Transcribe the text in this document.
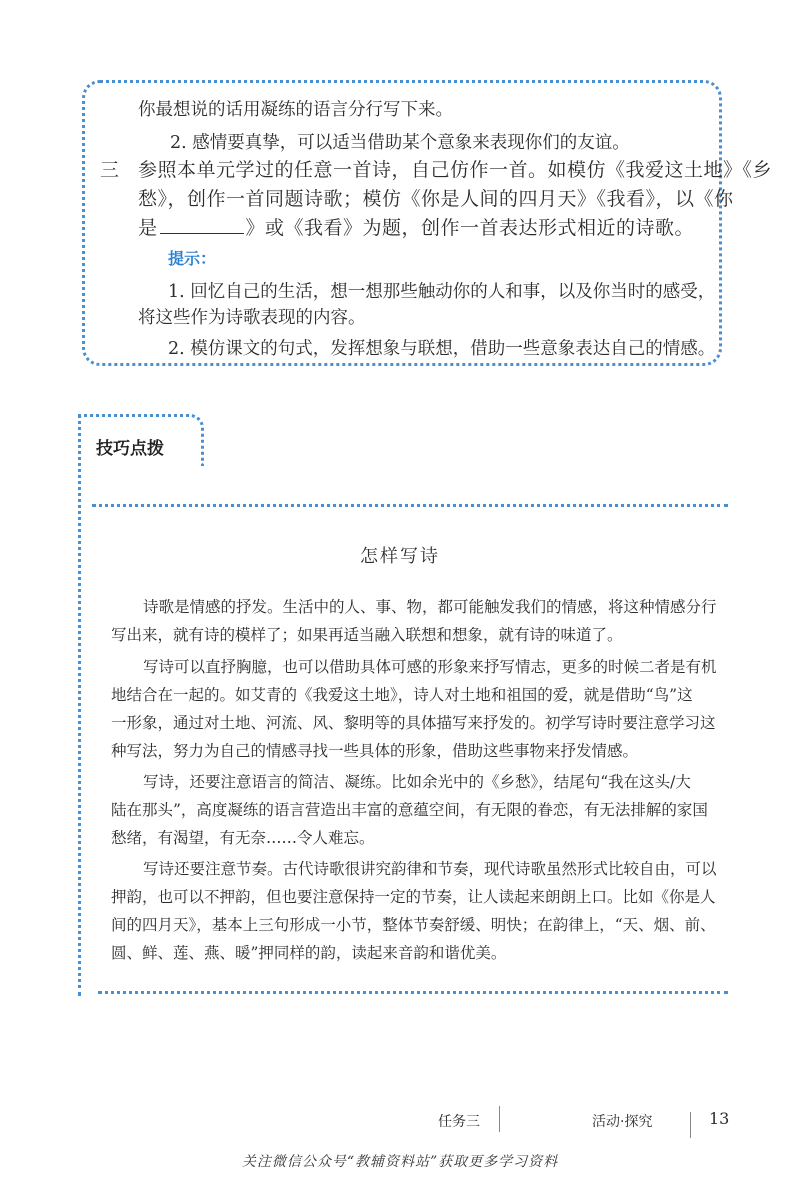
你最想说的话用凝练的语言分行写下来。
2. 感情要真挚，可以适当借助某个意象来表现你们的友谊。
三 参照本单元学过的任意一首诗，自己仿作一首。如模仿《我爱这土地》《乡
愁》，创作一首同题诗歌；模仿《你是人间的四月天》《我看》，以《你
是	》或《我看》为题，创作一首表达形式相近的诗歌。
提示：
1. 回忆自己的生活，想一想那些触动你的人和事，以及你当时的感受，
将这些作为诗歌表现的内容。
2. 模仿课文的句式，发挥想象与联想，借助一些意象表达自己的情感。
技巧点拨
怎样写诗
诗歌是情感的抒发。生活中的人、事、物，都可能触发我们的情感，将这种情感分行
写出来，就有诗的模样了；如果再适当融入联想和想象，就有诗的味道了。
写诗可以直抒胸臆，也可以借助具体可感的形象来抒写情志，更多的时候二者是有机
地结合在一起的。如艾青的《我爱这土地》，诗人对土地和祖国的爱，就是借助“鸟”这
一形象，通过对土地、河流、风、黎明等的具体描写来抒发的。初学写诗时要注意学习这
种写法，努力为自己的情感寻找一些具体的形象，借助这些事物来抒发情感。
写诗，还要注意语言的简洁、凝练。比如余光中的《乡愁》，结尾句“我在这头/大
陆在那头”，高度凝练的语言营造出丰富的意蕴空间，有无限的眷恋，有无法排解的家国
愁绪，有渴望，有无奈……令人难忘。
写诗还要注意节奏。古代诗歌很讲究韵律和节奏，现代诗歌虽然形式比较自由，可以
押韵，也可以不押韵，但也要注意保持一定的节奏，让人读起来朗朗上口。比如《你是人
间的四月天》，基本上三句形成一小节，整体节奏舒缓、明快；在韵律上，“天、烟、前、
圆、鲜、莲、燕、暖”押同样的韵，读起来音韵和谐优美。
任务三	活动·探究	13
关注微信公众号“教辅资料站”获取更多学习资料
